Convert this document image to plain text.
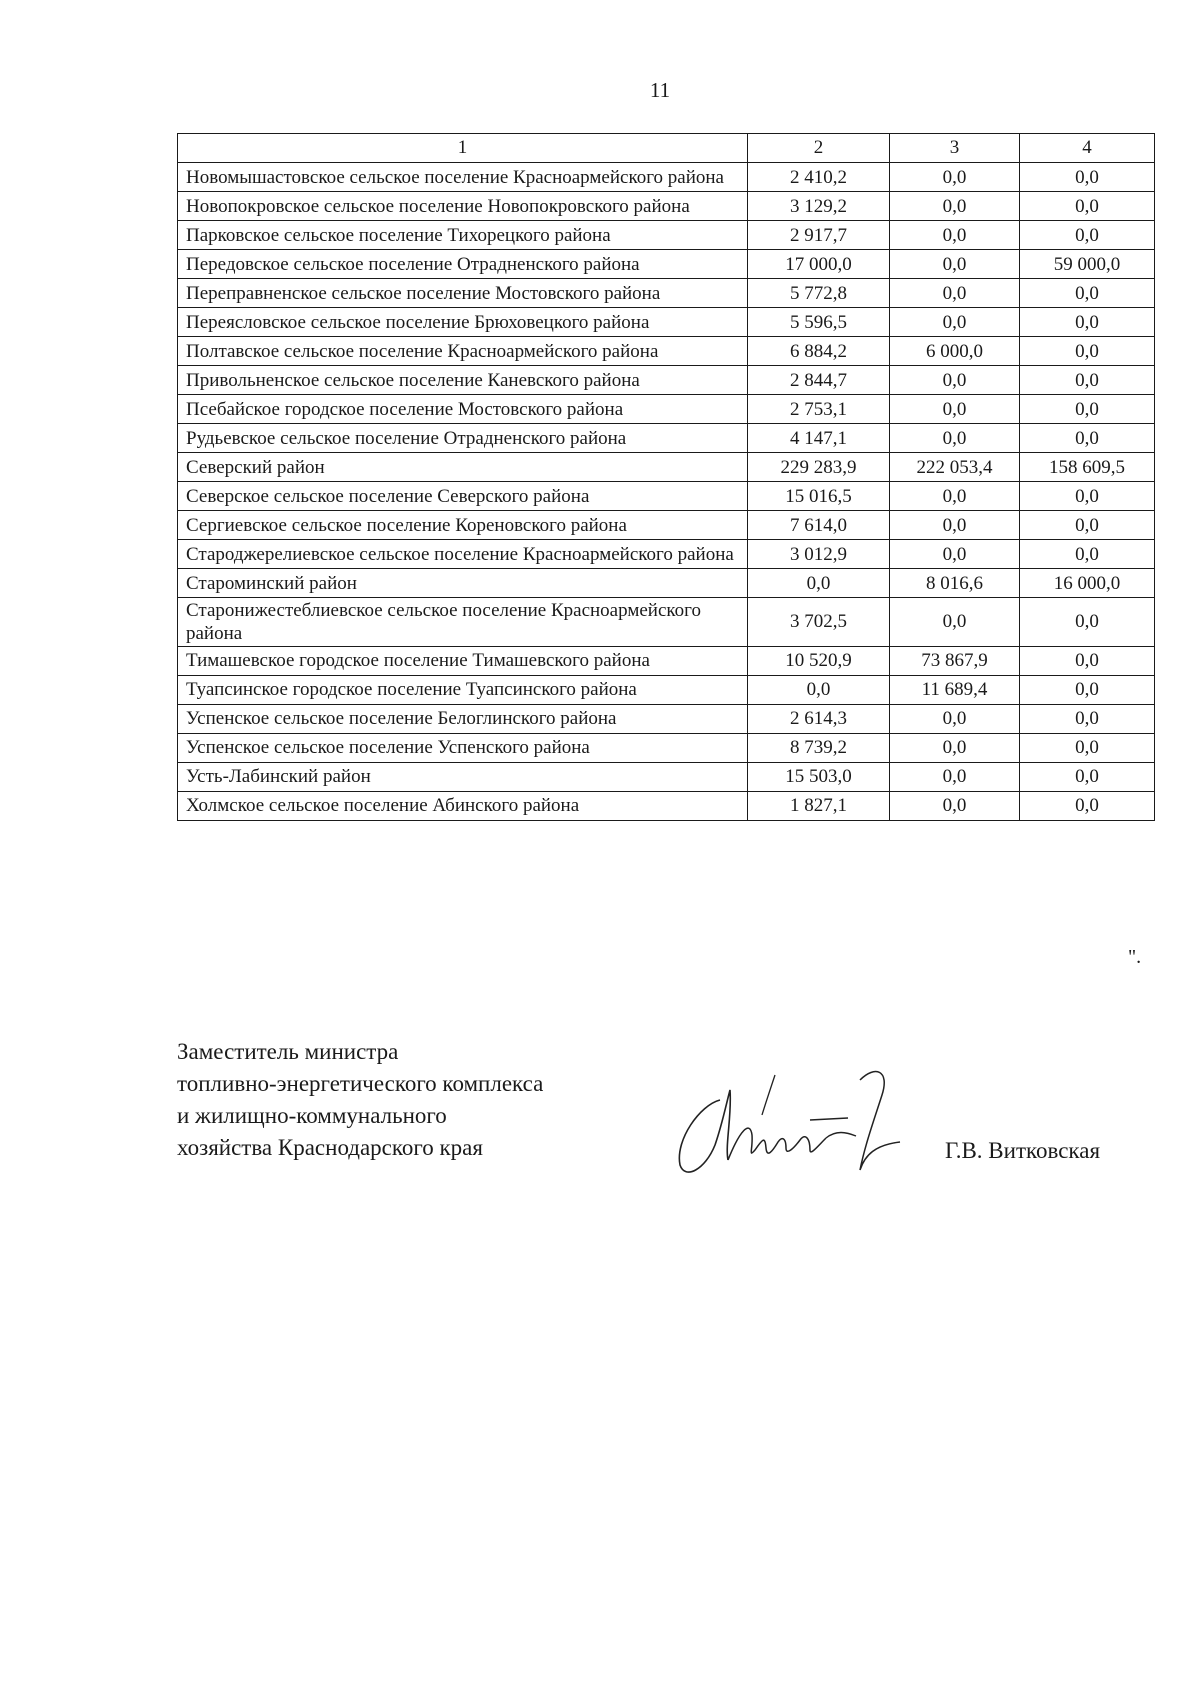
11
1	2	3	4
Новомышастовское сельское поселение Красноармейского района	2 410,2	0,0	0,0
Новопокровское сельское поселение Новопокровского района	3 129,2	0,0	0,0
Парковское сельское поселение Тихорецкого района	2 917,7	0,0	0,0
Передовское сельское поселение Отрадненского района	17 000,0	0,0	59 000,0
Переправненское сельское поселение Мостовского района	5 772,8	0,0	0,0
Переясловское сельское поселение Брюховецкого района	5 596,5	0,0	0,0
Полтавское сельское поселение Красноармейского района	6 884,2	6 000,0	0,0
Привольненское сельское поселение Каневского района	2 844,7	0,0	0,0
Псебайское городское поселение Мостовского района	2 753,1	0,0	0,0
Рудьевское сельское поселение Отрадненского района	4 147,1	0,0	0,0
Северский район	229 283,9	222 053,4	158 609,5
Северское сельское поселение Северского района	15 016,5	0,0	0,0
Сергиевское сельское поселение Кореновского района	7 614,0	0,0	0,0
Староджерелиевское сельское поселение Красноармейского района	3 012,9	0,0	0,0
Староминский район	0,0	8 016,6	16 000,0
Старонижестеблиевское сельское поселение Красноармейского района	3 702,5	0,0	0,0
Тимашевское городское поселение Тимашевского района	10 520,9	73 867,9	0,0
Туапсинское городское поселение Туапсинского района	0,0	11 689,4	0,0
Успенское сельское поселение Белоглинского района	2 614,3	0,0	0,0
Успенское сельское поселение Успенского района	8 739,2	0,0	0,0
Усть-Лабинский район	15 503,0	0,0	0,0
Холмское сельское поселение Абинского района	1 827,1	0,0	0,0
".
Заместитель министра
топливно-энергетического комплекса
и жилищно-коммунального
хозяйства Краснодарского края	Г.В. Витковская
